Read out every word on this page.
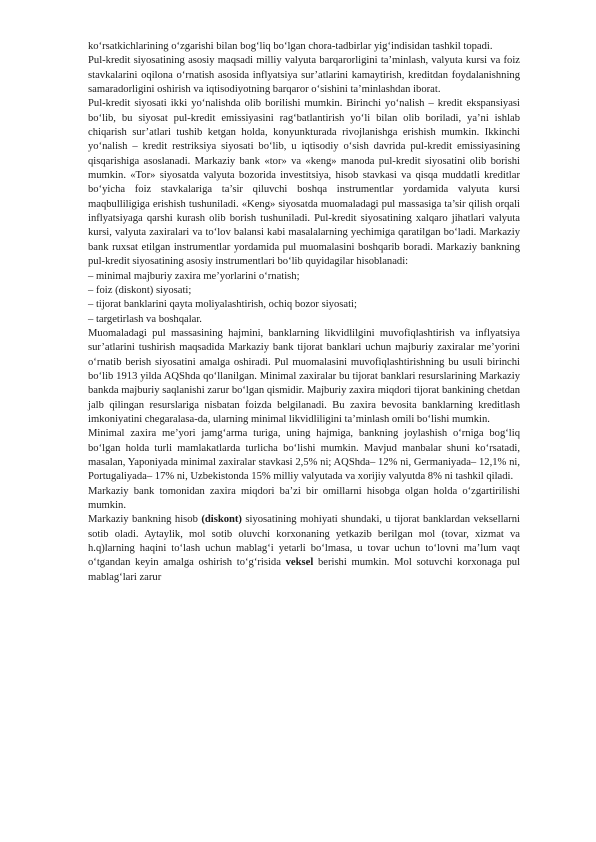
ko‘rsatkichlarining o‘zgarishi bilan bog‘liq bo‘lgan chora-tadbirlar yig‘indisidan tashkil topadi.

Pul-kredit siyosatining asosiy maqsadi milliy valyuta barqarorligini ta’minlash, valyuta kursi va foiz stavkalarini oqilona o‘rnatish asosida inflyatsiya sur’atlarini kamaytirish, kreditdan foydalanishning samaradorligini oshirish va iqtisodiyotning barqaror o‘sishini ta’minlashdan iborat.

Pul-kredit siyosati ikki yo‘nalishda olib borilishi mumkin. Birinchi yo‘nalish – kredit ekspansiyasi bo‘lib, bu siyosat pul-kredit emissiyasini rag‘batlantirish yo‘li bilan olib boriladi, ya’ni ishlab chiqarish sur’atlari tushib ketgan holda, konyunkturada rivojlanishga erishish mumkin. Ikkinchi yo‘nalish – kredit restriksiya siyosati bo‘lib, u iqtisodiy o‘sish davrida pul-kredit emissiyasining qisqarishiga asoslanadi. Markaziy bank «tor» va «keng» manoda pul-kredit siyosatini olib borishi mumkin. «Tor» siyosatda valyuta bozorida investitsiya, hisob stavkasi va qisqa muddatli kreditlar bo‘yicha foiz stavkalariga ta’sir qiluvchi boshqa instrumentlar yordamida valyuta kursi maqbulliligiga erishish tushuniladi. «Keng» siyosatda muomaladagi pul massasiga ta’sir qilish orqali inflyatsiyaga qarshi kurash olib borish tushuniladi. Pul-kredit siyosatining xalqaro jihatlari valyuta kursi, valyuta zaxiralari va to‘lov balansi kabi masalalarning yechimiga qaratilgan bo‘ladi. Markaziy bank ruxsat etilgan instrumentlar yordamida pul muomalasini boshqarib boradi. Markaziy bankning pul-kredit siyosatining asosiy instrumentlari bo‘lib quyidagilar hisoblanadi:

– minimal majburiy zaxira me’yorlarini o‘rnatish;

– foiz (diskont) siyosati;

– tijorat banklarini qayta moliyalashtirish, ochiq bozor siyosati;

– targetirlash va boshqalar.

Muomaladagi pul massasining hajmini, banklarning likvidlilgini muvofiqlashtirish va inflyatsiya sur’atlarini tushirish maqsadida Markaziy bank tijorat banklari uchun majburiy zaxiralar me’yorini o‘rnatib berish siyosatini amalga oshiradi. Pul muomalasini muvofiqlashtirishning bu usuli birinchi bo‘lib 1913 yilda AQShda qo‘llanilgan. Minimal zaxiralar bu tijorat banklari resurslarining Markaziy bankda majburiy saqlanishi zarur bo‘lgan qismidir. Majburiy zaxira miqdori tijorat bankining chetdan jalb qilingan resurslariga nisbatan foizda belgilanadi. Bu zaxira bevosita banklarning kreditlash imkoniyatini chegaralasa-da, ularning minimal likvidliligini ta’minlash omili bo‘lishi mumkin.

Minimal zaxira me’yori jamg‘arma turiga, uning hajmiga, bankning joylashish o‘rniga bog‘liq bo‘lgan holda turli mamlakatlarda turlicha bo‘lishi mumkin. Mavjud manbalar shuni ko‘rsatadi, masalan, Yaponiyada minimal zaxiralar stavkasi 2,5% ni; AQShda– 12% ni, Germaniyada– 12,1% ni, Portugaliyada– 17% ni, Uzbekistonda 15% milliy valyutada va xorijiy valyutda 8% ni tashkil qiladi.

Markaziy bank tomonidan zaxira miqdori ba’zi bir omillarni hisobga olgan holda o‘zgartirilishi mumkin.

Markaziy bankning hisob (diskont) siyosatining mohiyati shundaki, u tijorat banklardan veksellarni sotib oladi. Aytaylik, mol sotib oluvchi korxonaning yetkazib berilgan mol (tovar, xizmat va h.q)larning haqini to‘lash uchun mablag‘i yetarli bo‘lmasa, u tovar uchun to‘lovni ma’lum vaqt o‘tgandan keyin amalga oshirish to‘g‘risida veksel berishi mumkin. Mol sotuvchi korxonaga pul mablag‘lari zarur
